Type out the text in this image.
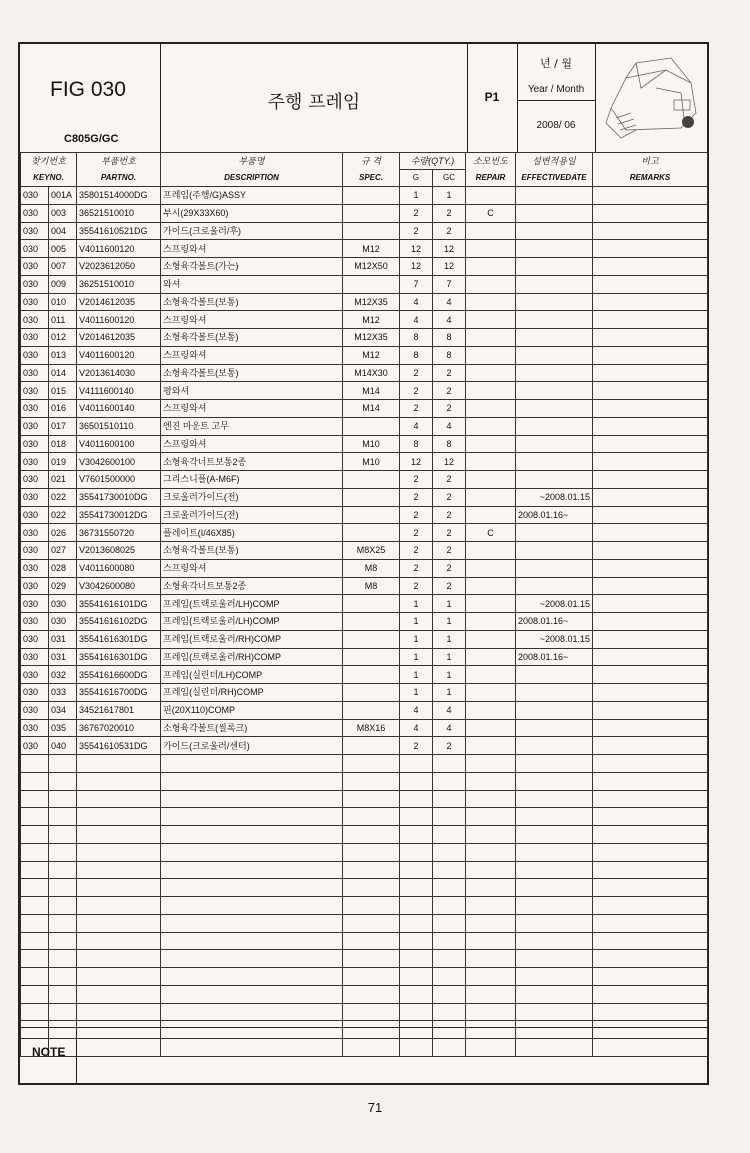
FIG 030
C805G/GC
주행 프레임	P1
년 / 월
Year / Month
2008/ 06
찾기번호		부품번호	부품명	규 격	수량(QTY.)		소모빈도	설변적용일	비고
KEYNO.		PARTNO.	DESCRIPTION	SPEC.	G	GC	REPAIR	EFFECTIVEDATE	REMARKS
030	001A	35801514000DG	프레임(주행/G)ASSY		1	1			
030	003	36521510010	부시(29X33X60)		2	2	C		
030	004	35541610521DG	가이드(크로울러/후)		2	2			
030	005	V4011600120	스프링와셔	M12	12	12			
030	007	V2023612050	소형육각볼트(가는)	M12X50	12	12			
030	009	36251510010	와셔		7	7			
030	010	V2014612035	소형육각볼트(보통)	M12X35	4	4			
030	011	V4011600120	스프링와셔	M12	4	4			
030	012	V2014612035	소형육각볼트(보통)	M12X35	8	8			
030	013	V4011600120	스프링와셔	M12	8	8			
030	014	V2013614030	소형육각볼트(보통)	M14X30	2	2			
030	015	V4111600140	평와셔	M14	2	2			
030	016	V4011600140	스프링와셔	M14	2	2			
030	017	36501510110	엔진 마운트 고무		4	4			
030	018	V4011600100	스프링와셔	M10	8	8			
030	019	V3042600100	소형육각너트보통2종	M10	12	12			
030	021	V7601500000	그리스니플(A-M6F)		2	2			
030	022	35541730010DG	크로울러가이드(전)		2	2		~2008.01.15	
030	022	35541730012DG	크로울러가이드(전)		2	2		2008.01.16~	
030	026	36731550720	플레이트(I/46X85)		2	2	C		
030	027	V2013608025	소형육각볼트(보통)	M8X25	2	2			
030	028	V4011600080	스프링와셔	M8	2	2			
030	029	V3042600080	소형육각너트보통2종	M8	2	2			
030	030	35541616101DG	프레임(트랙로울러/LH)COMP		1	1		~2008.01.15	
030	030	35541616102DG	프레임(트랙로울러/LH)COMP		1	1		2008.01.16~	
030	031	35541616301DG	프레임(트랙로울러/RH)COMP		1	1		~2008.01.15	
030	031	35541616301DG	프레임(트랙로울러/RH)COMP		1	1		2008.01.16~	
030	032	35541616600DG	프레임(실린더/LH)COMP		1	1			
030	033	35541616700DG	프레임(실린더/RH)COMP		1	1			
030	034	34521617801	핀(20X110)COMP		4	4			
030	035	36767020010	소형육각볼트(씰록크)	M8X16	4	4			
030	040	35541610531DG	가이드(크로울러/센터)		2	2			

NOTE
71
